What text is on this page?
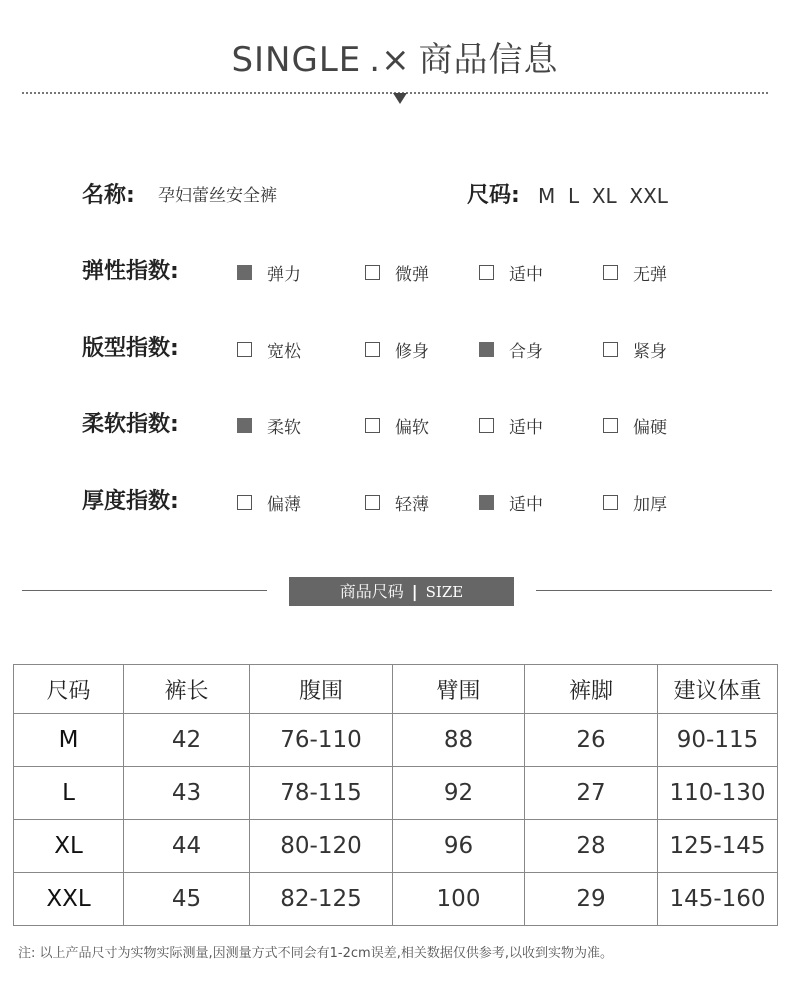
SINGLE .× 商品信息
名称: 孕妇蕾丝安全裤	尺码: M  L  XL  XXL
弹性指数:	弹力	微弹	适中	无弹
版型指数:	宽松	修身	合身	紧身
柔软指数:	柔软	偏软	适中	偏硬
厚度指数:	偏薄	轻薄	适中	加厚
商品尺码 | SIZE
尺码	裤长	腹围	臂围	裤脚	建议体重
M	42	76-110	88	26	90-115
L	43	78-115	92	27	110-130
XL	44	80-120	96	28	125-145
XXL	45	82-125	100	29	145-160
注: 以上产品尺寸为实物实际测量,因测量方式不同会有1-2cm误差,相关数据仅供参考,以收到实物为准。
